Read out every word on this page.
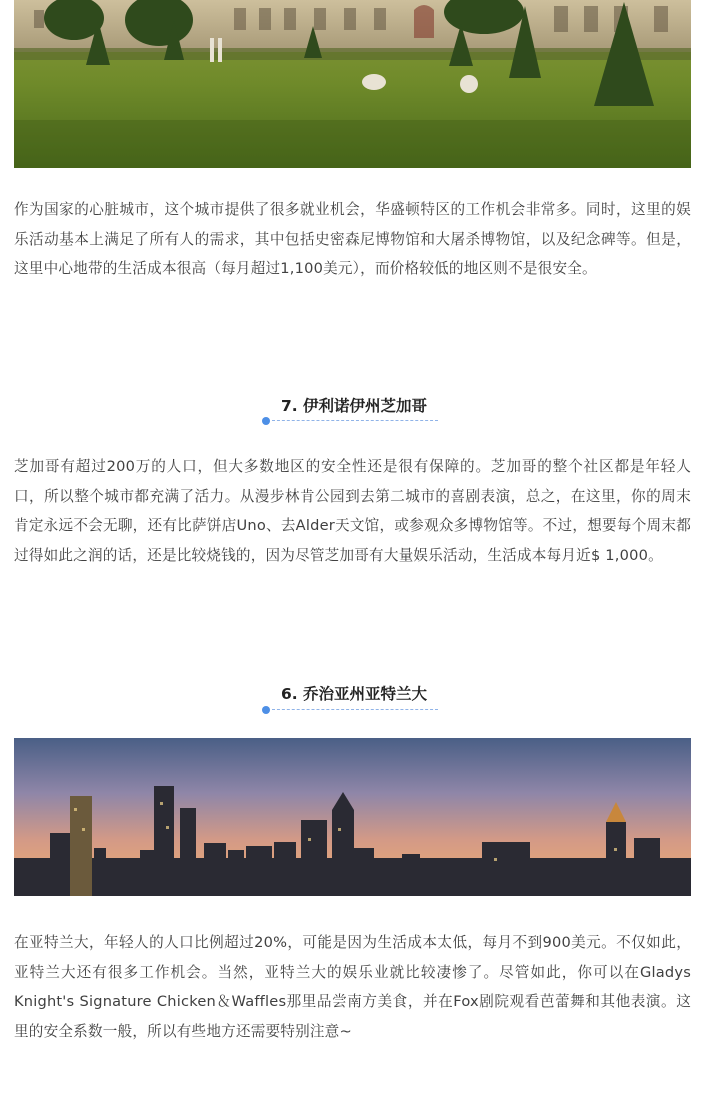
作为国家的心脏城市，这个城市提供了很多就业机会，华盛顿特区的工作机会非常多。同时，这里的娱乐活动基本上满足了所有人的需求，其中包括史密森尼博物馆和大屠杀博物馆，以及纪念碑等。但是，这里中心地带的生活成本很高（每月超过1,100美元），而价格较低的地区则不是很安全。

7. 伊利诺伊州芝加哥

芝加哥有超过200万的人口，但大多数地区的安全性还是很有保障的。芝加哥的整个社区都是年轻人口，所以整个城市都充满了活力。从漫步林肯公园到去第二城市的喜剧表演，总之，在这里，你的周末肯定永远不会无聊，还有比萨饼店Uno、去Alder天文馆，或参观众多博物馆等。不过，想要每个周末都过得如此之润的话，还是比较烧钱的，因为尽管芝加哥有大量娱乐活动，生活成本每月近$ 1,000。

6. 乔治亚州亚特兰大

在亚特兰大，年轻人的人口比例超过20%，可能是因为生活成本太低，每月不到900美元。不仅如此，亚特兰大还有很多工作机会。当然，亚特兰大的娱乐业就比较凄惨了。尽管如此，你可以在Gladys Knight's Signature Chicken＆Waffles那里品尝南方美食，并在Fox剧院观看芭蕾舞和其他表演。这里的安全系数一般，所以有些地方还需要特别注意~
